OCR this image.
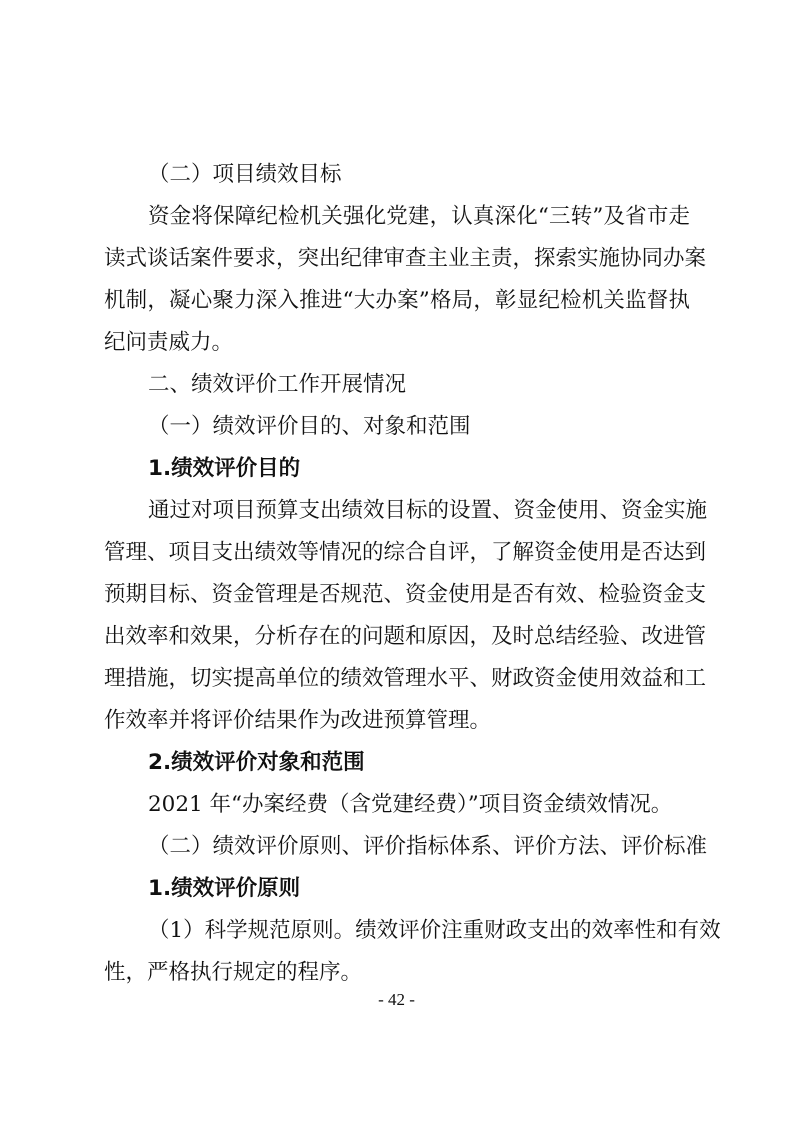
（二）项目绩效目标
资金将保障纪检机关强化党建，认真深化“三转”及省市走
读式谈话案件要求，突出纪律审查主业主责，探索实施协同办案
机制，凝心聚力深入推进“大办案”格局，彰显纪检机关监督执
纪问责威力。
二、绩效评价工作开展情况
（一）绩效评价目的、对象和范围
1.绩效评价目的
通过对项目预算支出绩效目标的设置、资金使用、资金实施
管理、项目支出绩效等情况的综合自评，了解资金使用是否达到
预期目标、资金管理是否规范、资金使用是否有效、检验资金支
出效率和效果，分析存在的问题和原因，及时总结经验、改进管
理措施，切实提高单位的绩效管理水平、财政资金使用效益和工
作效率并将评价结果作为改进预算管理。
2.绩效评价对象和范围
2021 年“办案经费（含党建经费）”项目资金绩效情况。
（二）绩效评价原则、评价指标体系、评价方法、评价标准
1.绩效评价原则
（1）科学规范原则。绩效评价注重财政支出的效率性和有效
性，严格执行规定的程序。
- 42 -
